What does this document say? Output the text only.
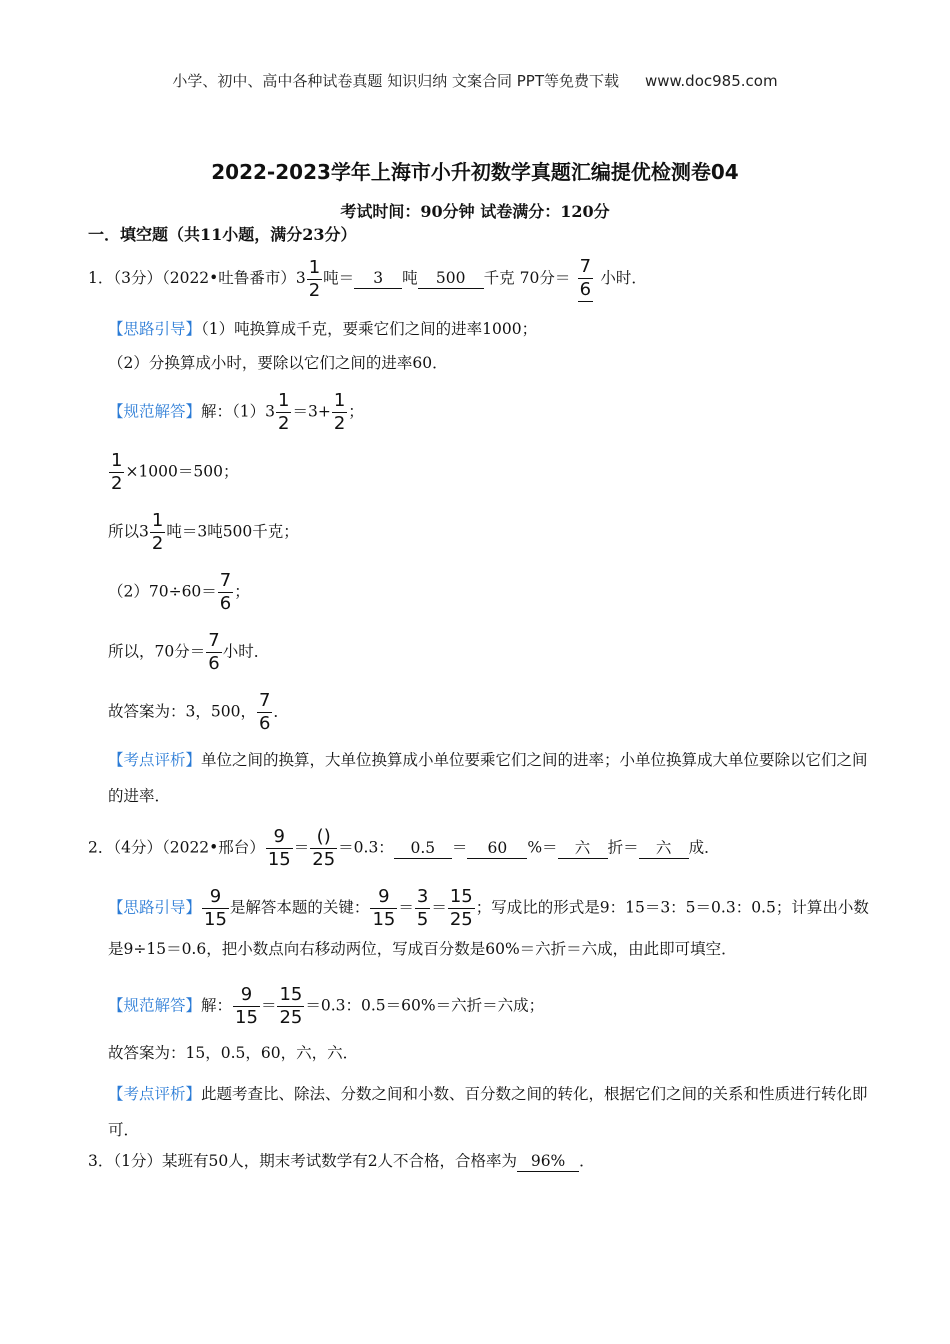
小学、初中、高中各种试卷真题 知识归纳 文案合同 PPT等免费下载 www.doc985.com
2022-2023学年上海市小升初数学真题汇编提优检测卷04
考试时间：90分钟 试卷满分：120分
一．填空题（共11小题，满分23分）
1．（3分）（2022•吐鲁番市）$3 \frac{1}{2}$ 吨＝ 3 吨 500 千克 70分＝ $\frac{7}{6}$ 小时．
【思路引导】（1）吨换算成千克，要乘它们之间的进率1000；
（2）分换算成小时，要除以它们之间的进率60．
【规范解答】解：$(1)3 \frac{1}{2} =3+ \frac{1}{2}$ ；
$\frac{1}{2} \times 1000=500$；
所以$3 \frac{1}{2}$ 吨＝3吨500千克；
$(2)70\div 60= \frac{7}{6}$ ；
所以，70分＝ $\frac{7}{6}$ 小时．
故答案为：3，500， $\frac{7}{6}$ ．
【考点评析】单位之间的换算，大单位换算成小单位要乘它们之间的进率；小单位换算成大单位要除以它们之间的进率．
2．（4分）（2022•邢台） $\frac{9}{15} = \frac{()}{25} =0.3$： 0.5 ＝ 60 %＝ 六 折＝ 六 成．
【思路引导】 $\frac{9}{15}$ 是解答本题的关键： $\frac{9}{15} = \frac{3}{5} = \frac{15}{25}$ ；写成比的形式是9：15＝3：5＝0.3：0.5；计算出小数是9÷15＝0.6，把小数点向右移动两位，写成百分数是60%＝六折＝六成，由此即可填空．
【规范解答】解： $\frac{9}{15} = \frac{15}{25} =0.3$：0.5＝60%＝六折＝六成；
故答案为：15，0.5，60，六，六．
【考点评析】此题考查比、除法、分数之间和小数、百分数之间的转化，根据它们之间的关系和性质进行转化即可．
3．（1分）某班有50人，期末考试数学有2人不合格，合格率为 96% ．
